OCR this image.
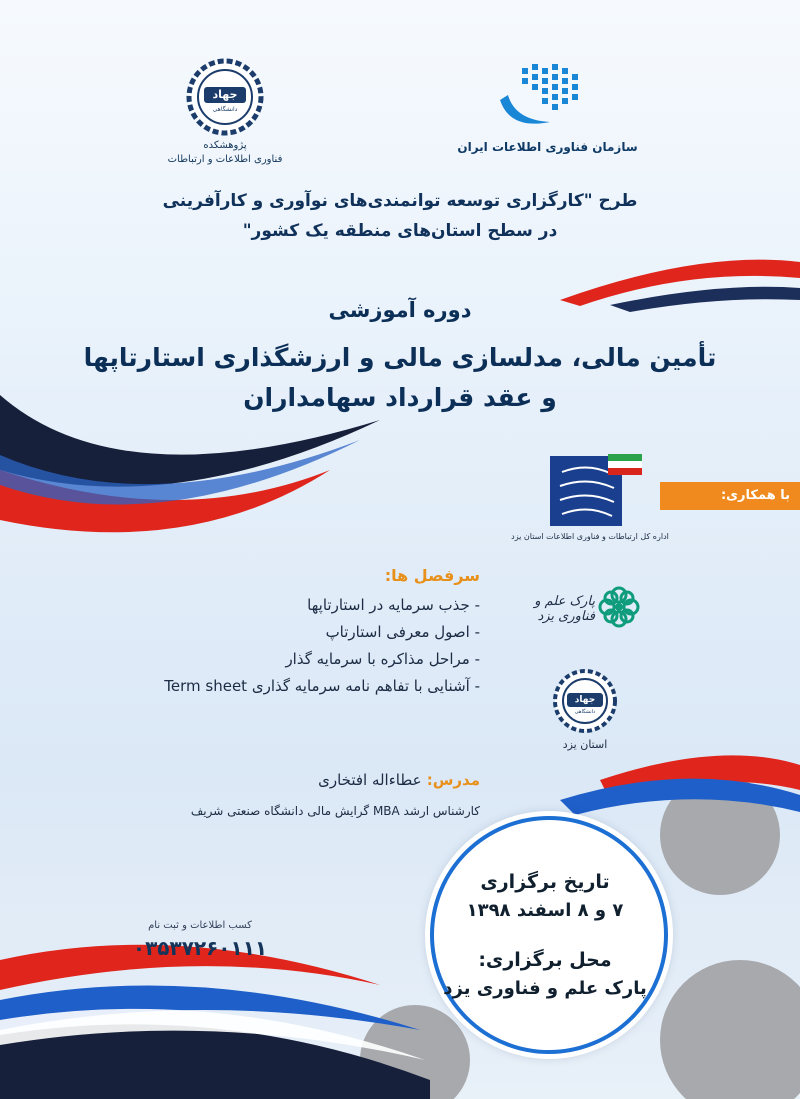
جهاد
دانشگاهی
پژوهشکده
فناوری اطلاعات و ارتباطات
سازمان فناوری اطلاعات ایران
طرح "کارگزاری توسعه توانمندی‌های نوآوری و کارآفرینی
در سطح استان‌های منطقه یک کشور"
دوره آموزشی
تأمین مالی، مدلسازی مالی و ارزشگذاری استارتاپها
و عقد قرارداد سهامداران
با همکاری:
اداره کل ارتباطات و فناوری اطلاعات استان یزد
پارک علم و فناوری یزد
جهاد
دانشگاهی
استان یزد
سرفصل ها:
- جذب سرمایه در استارتاپها
- اصول معرفی استارتاپ
- مراحل مذاکره با سرمایه گذار
- آشنایی با تفاهم نامه سرمایه گذاری Term sheet
مدرس: عطاءاله افتخاری
کارشناس ارشد MBA گرایش مالی دانشگاه صنعتی شریف
کسب اطلاعات و ثبت نام
۰۳۵۳۷۲۶۰۱۱۱
تاریخ برگزاری
۷ و ۸ اسفند ۱۳۹۸
محل برگزاری:
پارک علم و فناوری یزد
